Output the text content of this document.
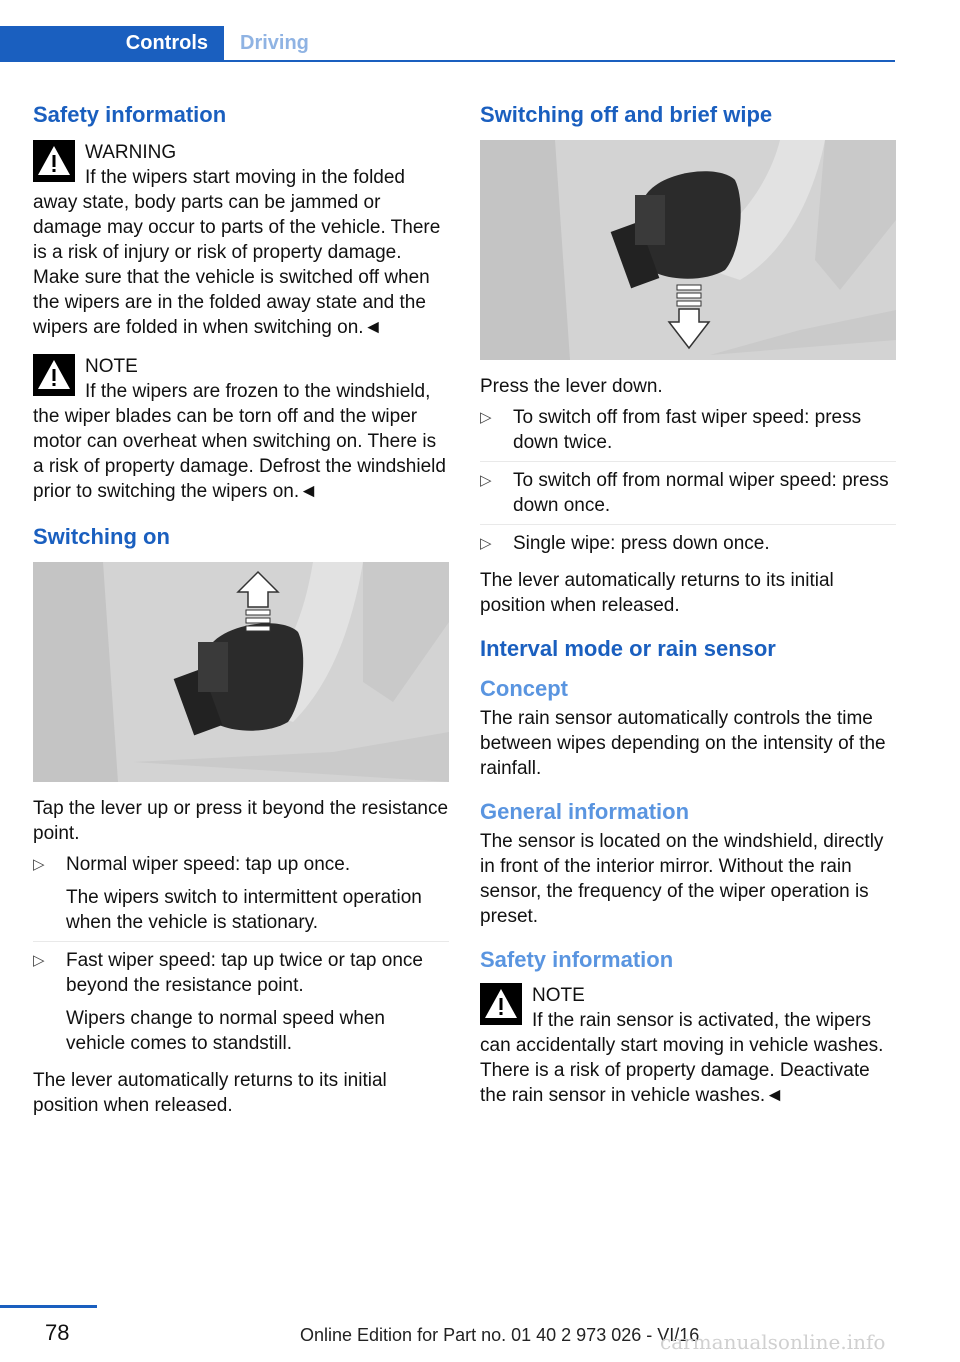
Controls	Driving
Safety information
WARNING
If the wipers start moving in the folded away state, body parts can be jammed or damage may occur to parts of the vehicle. There is a risk of injury or risk of property damage. Make sure that the vehicle is switched off when the wipers are in the folded away state and the wipers are folded in when switching on.◄
NOTE
If the wipers are frozen to the windshield, the wiper blades can be torn off and the wiper motor can overheat when switching on. There is a risk of property damage. Defrost the windshield prior to switching the wipers on.◄
Switching on

Tap the lever up or press it beyond the resistance point.

▷ Normal wiper speed: tap up once.
The wipers switch to intermittent operation when the vehicle is stationary.
▷ Fast wiper speed: tap up twice or tap once beyond the resistance point.
Wipers change to normal speed when vehicle comes to standstill.

The lever automatically returns to its initial position when released.

Switching off and brief wipe

Press the lever down.

▷ To switch off from fast wiper speed: press down twice.
▷ To switch off from normal wiper speed: press down once.
▷ Single wipe: press down once.

The lever automatically returns to its initial position when released.

Interval mode or rain sensor
Concept

The rain sensor automatically controls the time between wipes depending on the intensity of the rainfall.

General information

The sensor is located on the windshield, directly in front of the interior mirror. Without the rain sensor, the frequency of the wiper operation is preset.

Safety information
NOTE
If the rain sensor is activated, the wipers can accidentally start moving in vehicle washes. There is a risk of property damage. Deactivate the rain sensor in vehicle washes.◄
78	Online Edition for Part no. 01 40 2 973 026 - VI/16
carmanualsonline.info
